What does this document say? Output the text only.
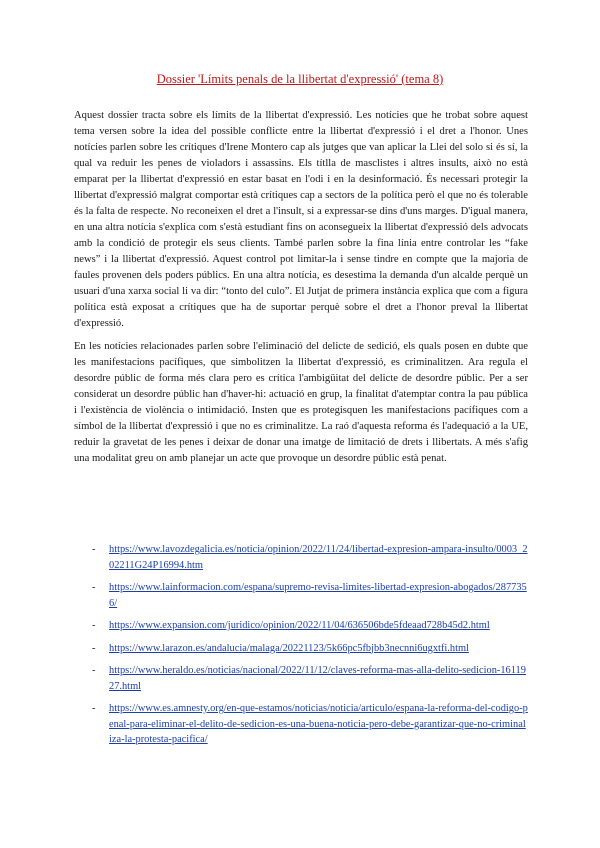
Dossier 'Límits penals de la llibertat d'expressió' (tema 8)

Aquest dossier tracta sobre els límits de la llibertat d'expressió. Les notícies que he trobat sobre aquest tema versen sobre la idea del possible conflicte entre la llibertat d'expressió i el dret a l'honor. Unes notícies parlen sobre les crítiques d'Irene Montero cap als jutges que van aplicar la Llei del solo si és sí, la qual va reduir les penes de violadors i assassins. Els títlla de masclistes i altres insults, això no està emparat per la llibertat d'expressió en estar basat en l'odi i en la desinformació. És necessari protegir la llibertat d'expressió malgrat comportar està crítiques cap a sectors de la política però el que no és tolerable és la falta de respecte. No reconeixen el dret a l'insult, si a expressar-se dins d'uns marges. D'igual manera, en una altra notícia s'explica com s'està estudiant fins on aconsegueix la llibertat d'expressió dels advocats amb la condició de protegir els seus clients. També parlen sobre la fina línia entre controlar les “fake news” i la llibertat d'expressió. Aquest control pot limitar-la i sense tindre en compte que la majoria de faules provenen dels poders públics. En una altra notícia, es desestima la demanda d'un alcalde perquè un usuari d'una xarxa social li va dir: “tonto del culo”. El Jutjat de primera instància explica que com a figura política està exposat a crítiques que ha de suportar perquè sobre el dret a l'honor preval la llibertat d'expressió.

En les notícies relacionades parlen sobre l'eliminació del delicte de sedició, els quals posen en dubte que les manifestacions pacífiques, que simbolitzen la llibertat d'expressió, es criminalitzen. Ara regula el desordre públic de forma més clara pero es crítica l'ambigüitat del delicte de desordre públic. Per a ser considerat un desordre públic han d'haver-hi: actuació en grup, la finalitat d'atemptar contra la pau pública i l'existència de violència o intimidació. Insten que es protegisquen les manifestacions pacífiques com a símbol de la llibertat d'expressió i que no es criminalitze. La raó d'aquesta reforma és l'adequació a la UE, reduir la gravetat de les penes i deixar de donar una imatge de limitació de drets i llibertats. A més s'afig una modalitat greu on amb planejar un acte que provoque un desordre públic està penat.

- https://www.lavozdegalicia.es/noticia/opinion/2022/11/24/libertad-expresion-ampara-insulto/0003_202211G24P16994.htm
- https://www.lainformacion.com/espana/supremo-revisa-limites-libertad-expresion-abogados/2877356/
- https://www.expansion.com/juridico/opinion/2022/11/04/636506bde5fdeaad728b45d2.html
- https://www.larazon.es/andalucia/malaga/20221123/5k66pc5fbjbb3necnni6ugxtfi.html
- https://www.heraldo.es/noticias/nacional/2022/11/12/claves-reforma-mas-alla-delito-sedicion-1611927.html
- https://www.es.amnesty.org/en-que-estamos/noticias/noticia/articulo/espana-la-reforma-del-codigo-penal-para-eliminar-el-delito-de-sedicion-es-una-buena-noticia-pero-debe-garantizar-que-no-criminaliza-la-protesta-pacifica/
